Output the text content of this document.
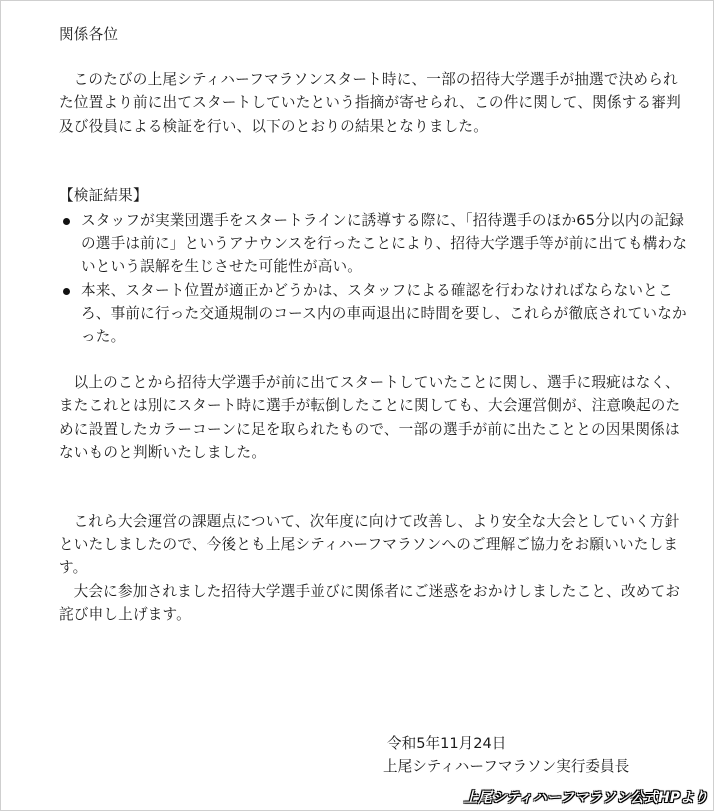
関係各位

このたびの上尾シティハーフマラソンスタート時に、一部の招待大学選手が抽選で決められた位置より前に出てスタートしていたという指摘が寄せられ、この件に関して、関係する審判及び役員による検証を行い、以下のとおりの結果となりました。

【検証結果】

スタッフが実業団選手をスタートラインに誘導する際に、「招待選手のほか65分以内の記録の選手は前に」というアナウンスを行ったことにより、招待大学選手等が前に出ても構わないという誤解を生じさせた可能性が高い。
本来、スタート位置が適正かどうかは、スタッフによる確認を行わなければならないところ、事前に行った交通規制のコース内の車両退出に時間を要し、これらが徹底されていなかった。

以上のことから招待大学選手が前に出てスタートしていたことに関し、選手に瑕疵はなく、またこれとは別にスタート時に選手が転倒したことに関しても、大会運営側が、注意喚起のために設置したカラーコーンに足を取られたもので、一部の選手が前に出たこととの因果関係はないものと判断いたしました。

これら大会運営の課題点について、次年度に向けて改善し、より安全な大会としていく方針といたしましたので、今後とも上尾シティハーフマラソンへのご理解ご協力をお願いいたします。

大会に参加されました招待大学選手並びに関係者にご迷惑をおかけしましたこと、改めてお詫び申し上げます。

令和5年11月24日
上尾シティハーフマラソン実行委員長
上尾シティハーフマラソン公式HPより
